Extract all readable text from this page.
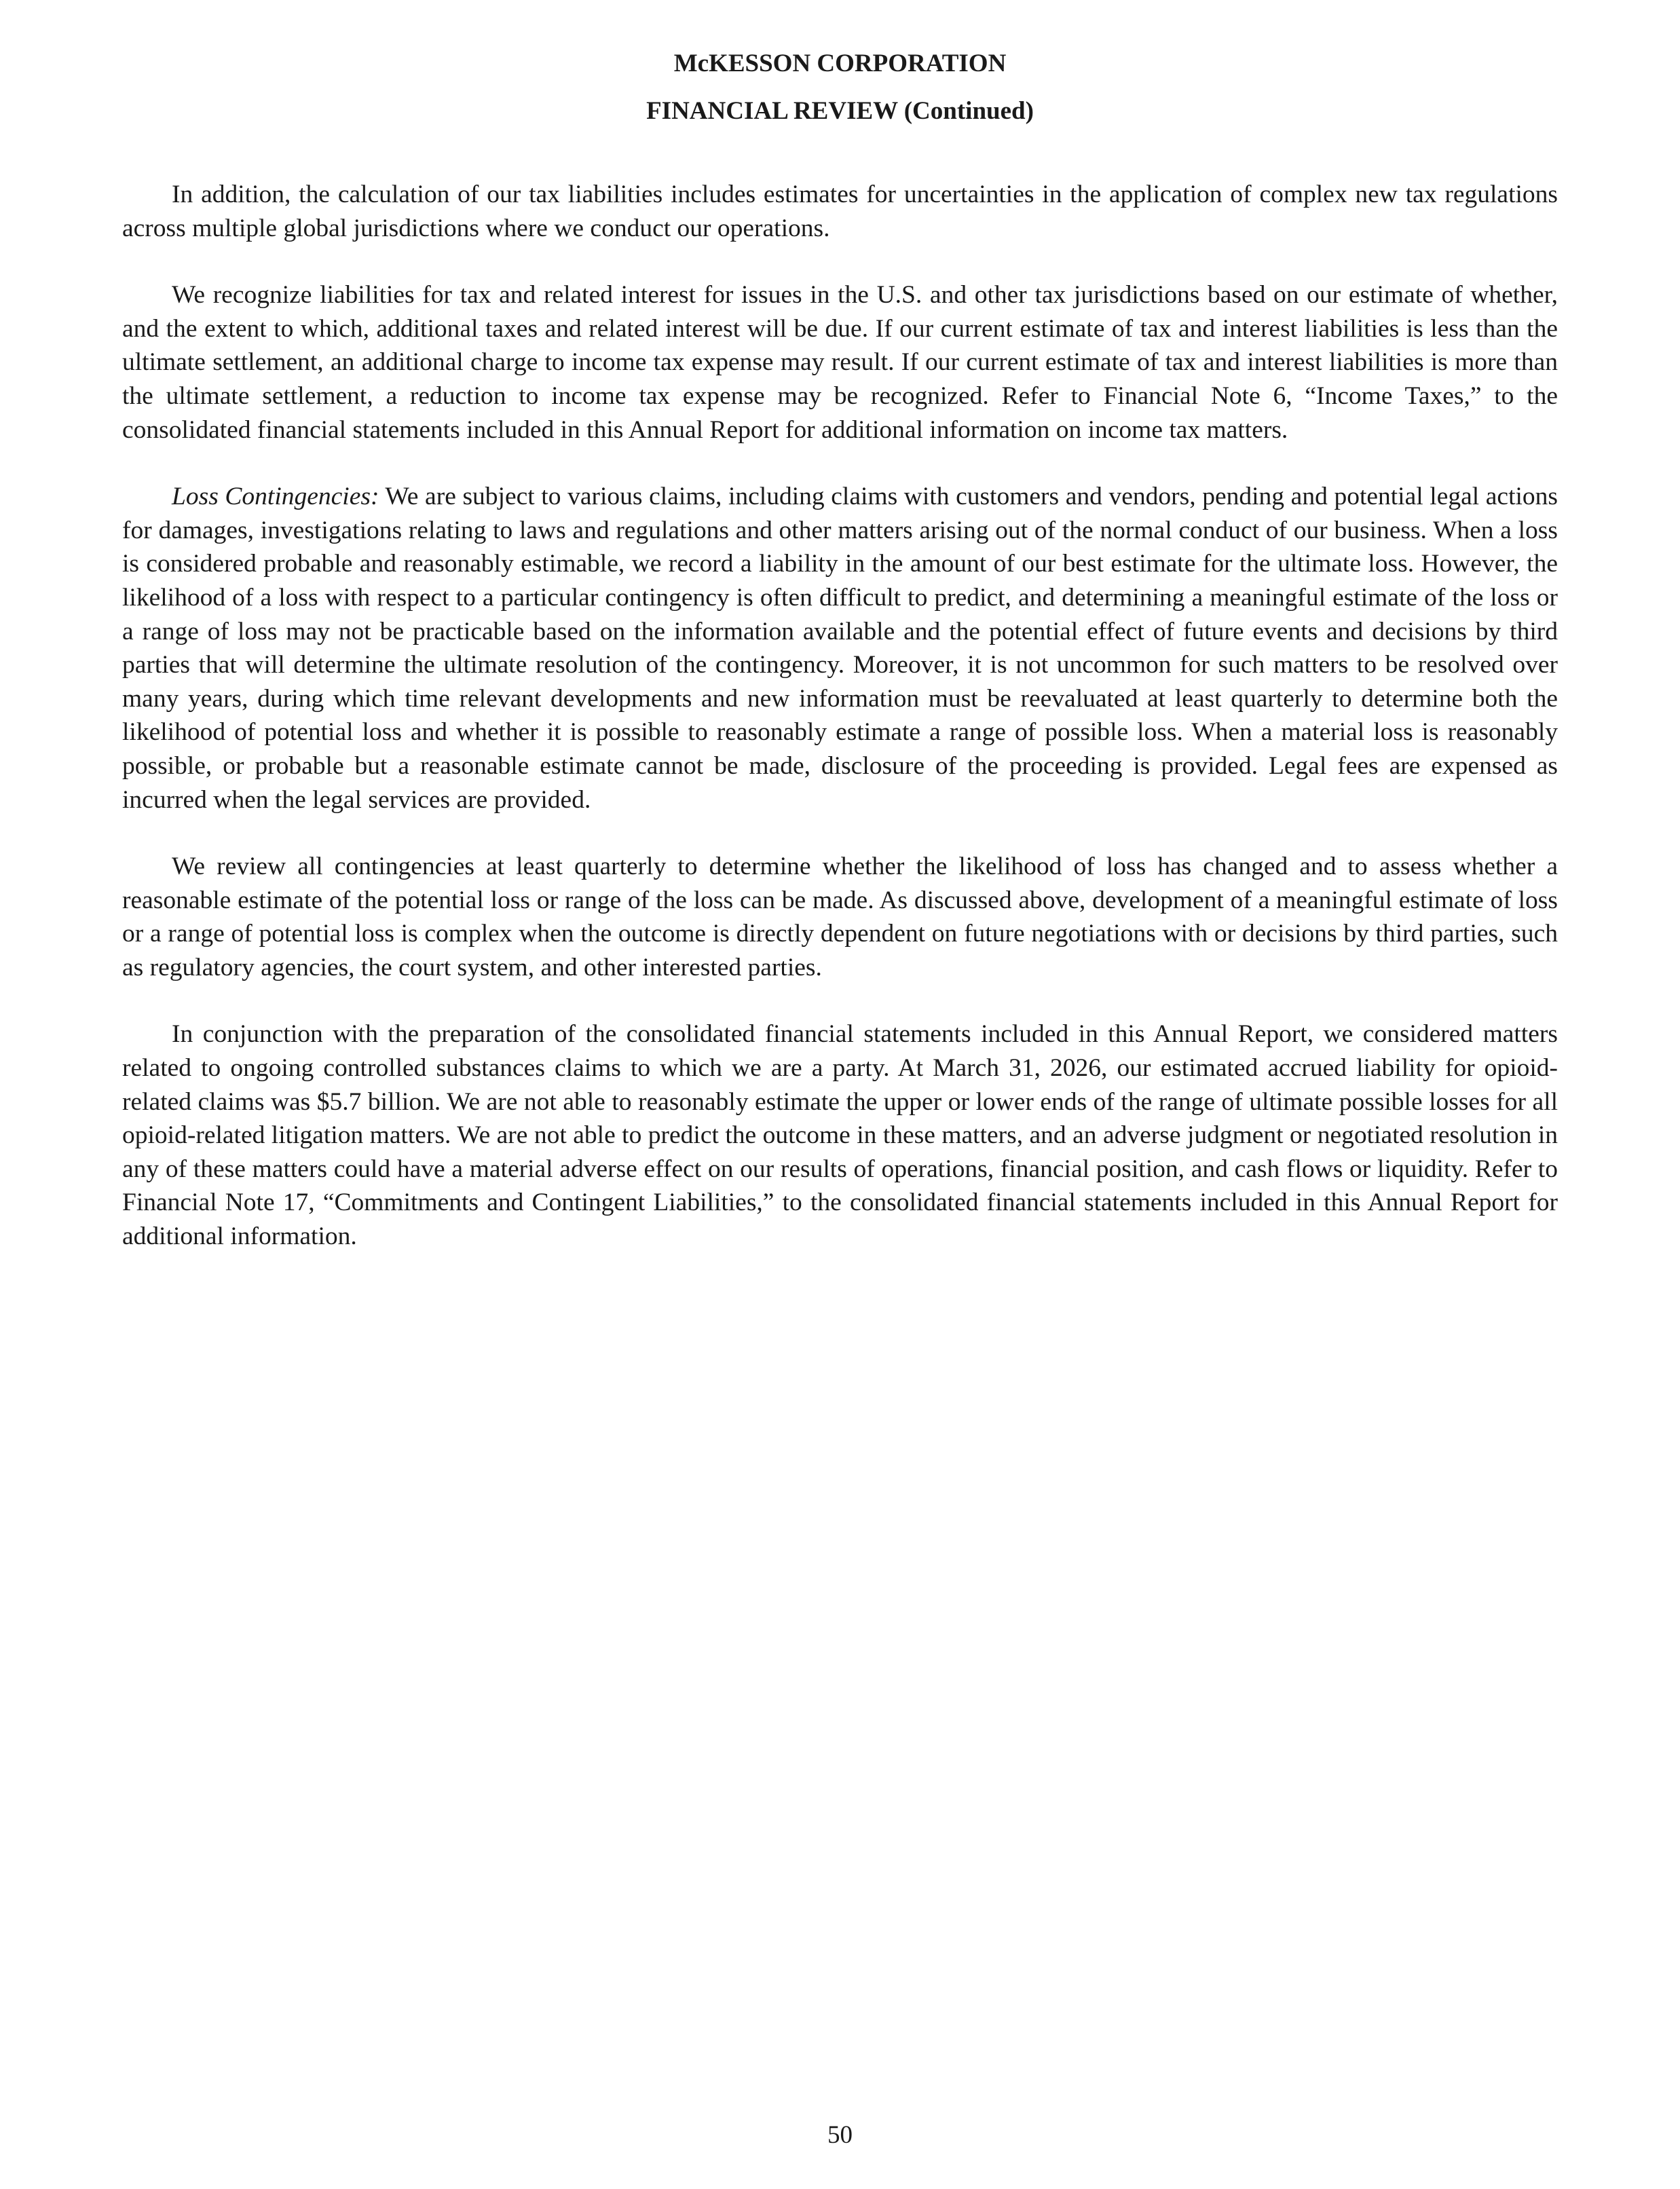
McKESSON CORPORATION
FINANCIAL REVIEW (Continued)

In addition, the calculation of our tax liabilities includes estimates for uncertainties in the application of complex new tax regulations across multiple global jurisdictions where we conduct our operations.

We recognize liabilities for tax and related interest for issues in the U.S. and other tax jurisdictions based on our estimate of whether, and the extent to which, additional taxes and related interest will be due. If our current estimate of tax and interest liabilities is less than the ultimate settlement, an additional charge to income tax expense may result. If our current estimate of tax and interest liabilities is more than the ultimate settlement, a reduction to income tax expense may be recognized. Refer to Financial Note 6, “Income Taxes,” to the consolidated financial statements included in this Annual Report for additional information on income tax matters.

Loss Contingencies: We are subject to various claims, including claims with customers and vendors, pending and potential legal actions for damages, investigations relating to laws and regulations and other matters arising out of the normal conduct of our business. When a loss is considered probable and reasonably estimable, we record a liability in the amount of our best estimate for the ultimate loss. However, the likelihood of a loss with respect to a particular contingency is often difficult to predict, and determining a meaningful estimate of the loss or a range of loss may not be practicable based on the information available and the potential effect of future events and decisions by third parties that will determine the ultimate resolution of the contingency. Moreover, it is not uncommon for such matters to be resolved over many years, during which time relevant developments and new information must be reevaluated at least quarterly to determine both the likelihood of potential loss and whether it is possible to reasonably estimate a range of possible loss. When a material loss is reasonably possible, or probable but a reasonable estimate cannot be made, disclosure of the proceeding is provided. Legal fees are expensed as incurred when the legal services are provided.

We review all contingencies at least quarterly to determine whether the likelihood of loss has changed and to assess whether a reasonable estimate of the potential loss or range of the loss can be made. As discussed above, development of a meaningful estimate of loss or a range of potential loss is complex when the outcome is directly dependent on future negotiations with or decisions by third parties, such as regulatory agencies, the court system, and other interested parties.

In conjunction with the preparation of the consolidated financial statements included in this Annual Report, we considered matters related to ongoing controlled substances claims to which we are a party. At March 31, 2026, our estimated accrued liability for opioid-related claims was $5.7 billion. We are not able to reasonably estimate the upper or lower ends of the range of ultimate possible losses for all opioid-related litigation matters. We are not able to predict the outcome in these matters, and an adverse judgment or negotiated resolution in any of these matters could have a material adverse effect on our results of operations, financial position, and cash flows or liquidity. Refer to Financial Note 17, “Commitments and Contingent Liabilities,” to the consolidated financial statements included in this Annual Report for additional information.

50
